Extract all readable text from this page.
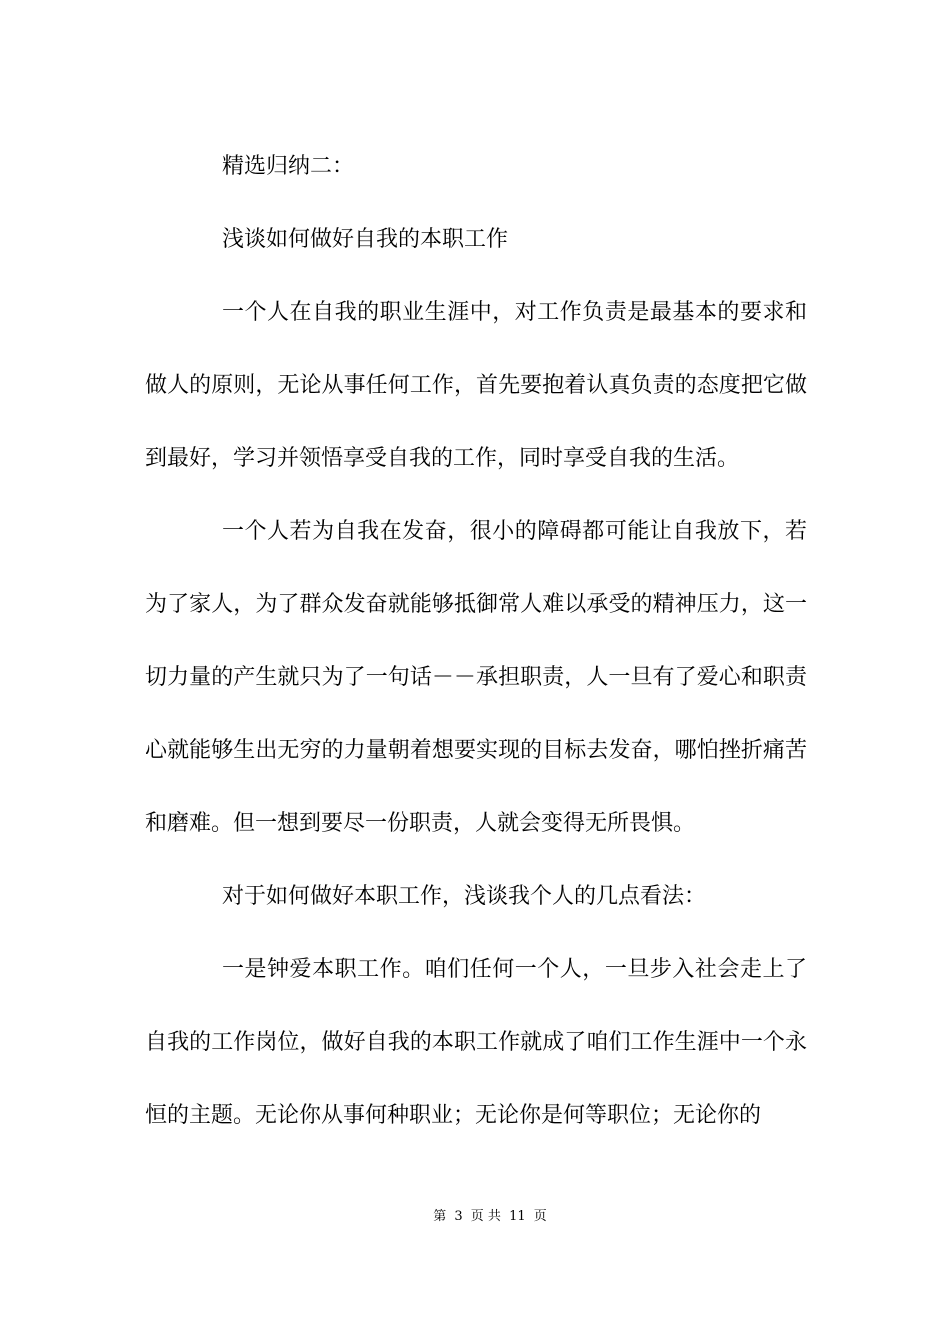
精选归纳二：

浅谈如何做好自我的本职工作

一个人在自我的职业生涯中，对工作负责是最基本的要求和做人的原则，无论从事任何工作，首先要抱着认真负责的态度把它做到最好，学习并领悟享受自我的工作，同时享受自我的生活。

一个人若为自我在发奋，很小的障碍都可能让自我放下，若为了家人，为了群众发奋就能够抵御常人难以承受的精神压力，这一切力量的产生就只为了一句话－－承担职责，人一旦有了爱心和职责心就能够生出无穷的力量朝着想要实现的目标去发奋，哪怕挫折痛苦和磨难。但一想到要尽一份职责，人就会变得无所畏惧。

对于如何做好本职工作，浅谈我个人的几点看法：

一是钟爱本职工作。咱们任何一个人，一旦步入社会走上了自我的工作岗位，做好自我的本职工作就成了咱们工作生涯中一个永恒的主题。无论你从事何种职业；无论你是何等职位；无论你的

第 3 页 共 11 页
